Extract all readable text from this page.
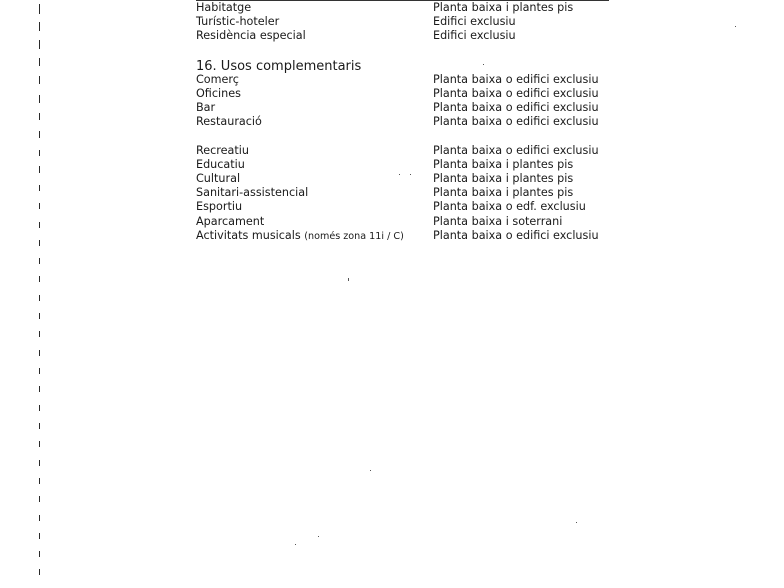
Habitatge	Planta baixa i plantes pis
Turístic-hoteler	Edifici exclusiu
Residència especial	Edifici exclusiu
16. Usos complementaris
Comerç	Planta baixa o edifici exclusiu
Oficines	Planta baixa o edifici exclusiu
Bar	Planta baixa o edifici exclusiu
Restauració	Planta baixa o edifici exclusiu
Recreatiu	Planta baixa o edifici exclusiu
Educatiu	Planta baixa i plantes pis
Cultural	Planta baixa i plantes pis
Sanitari-assistencial	Planta baixa i plantes pis
Esportiu	Planta baixa o edf. exclusiu
Aparcament	Planta baixa i soterrani
Activitats musicals (només zona 11i / C)	Planta baixa o edifici exclusiu
